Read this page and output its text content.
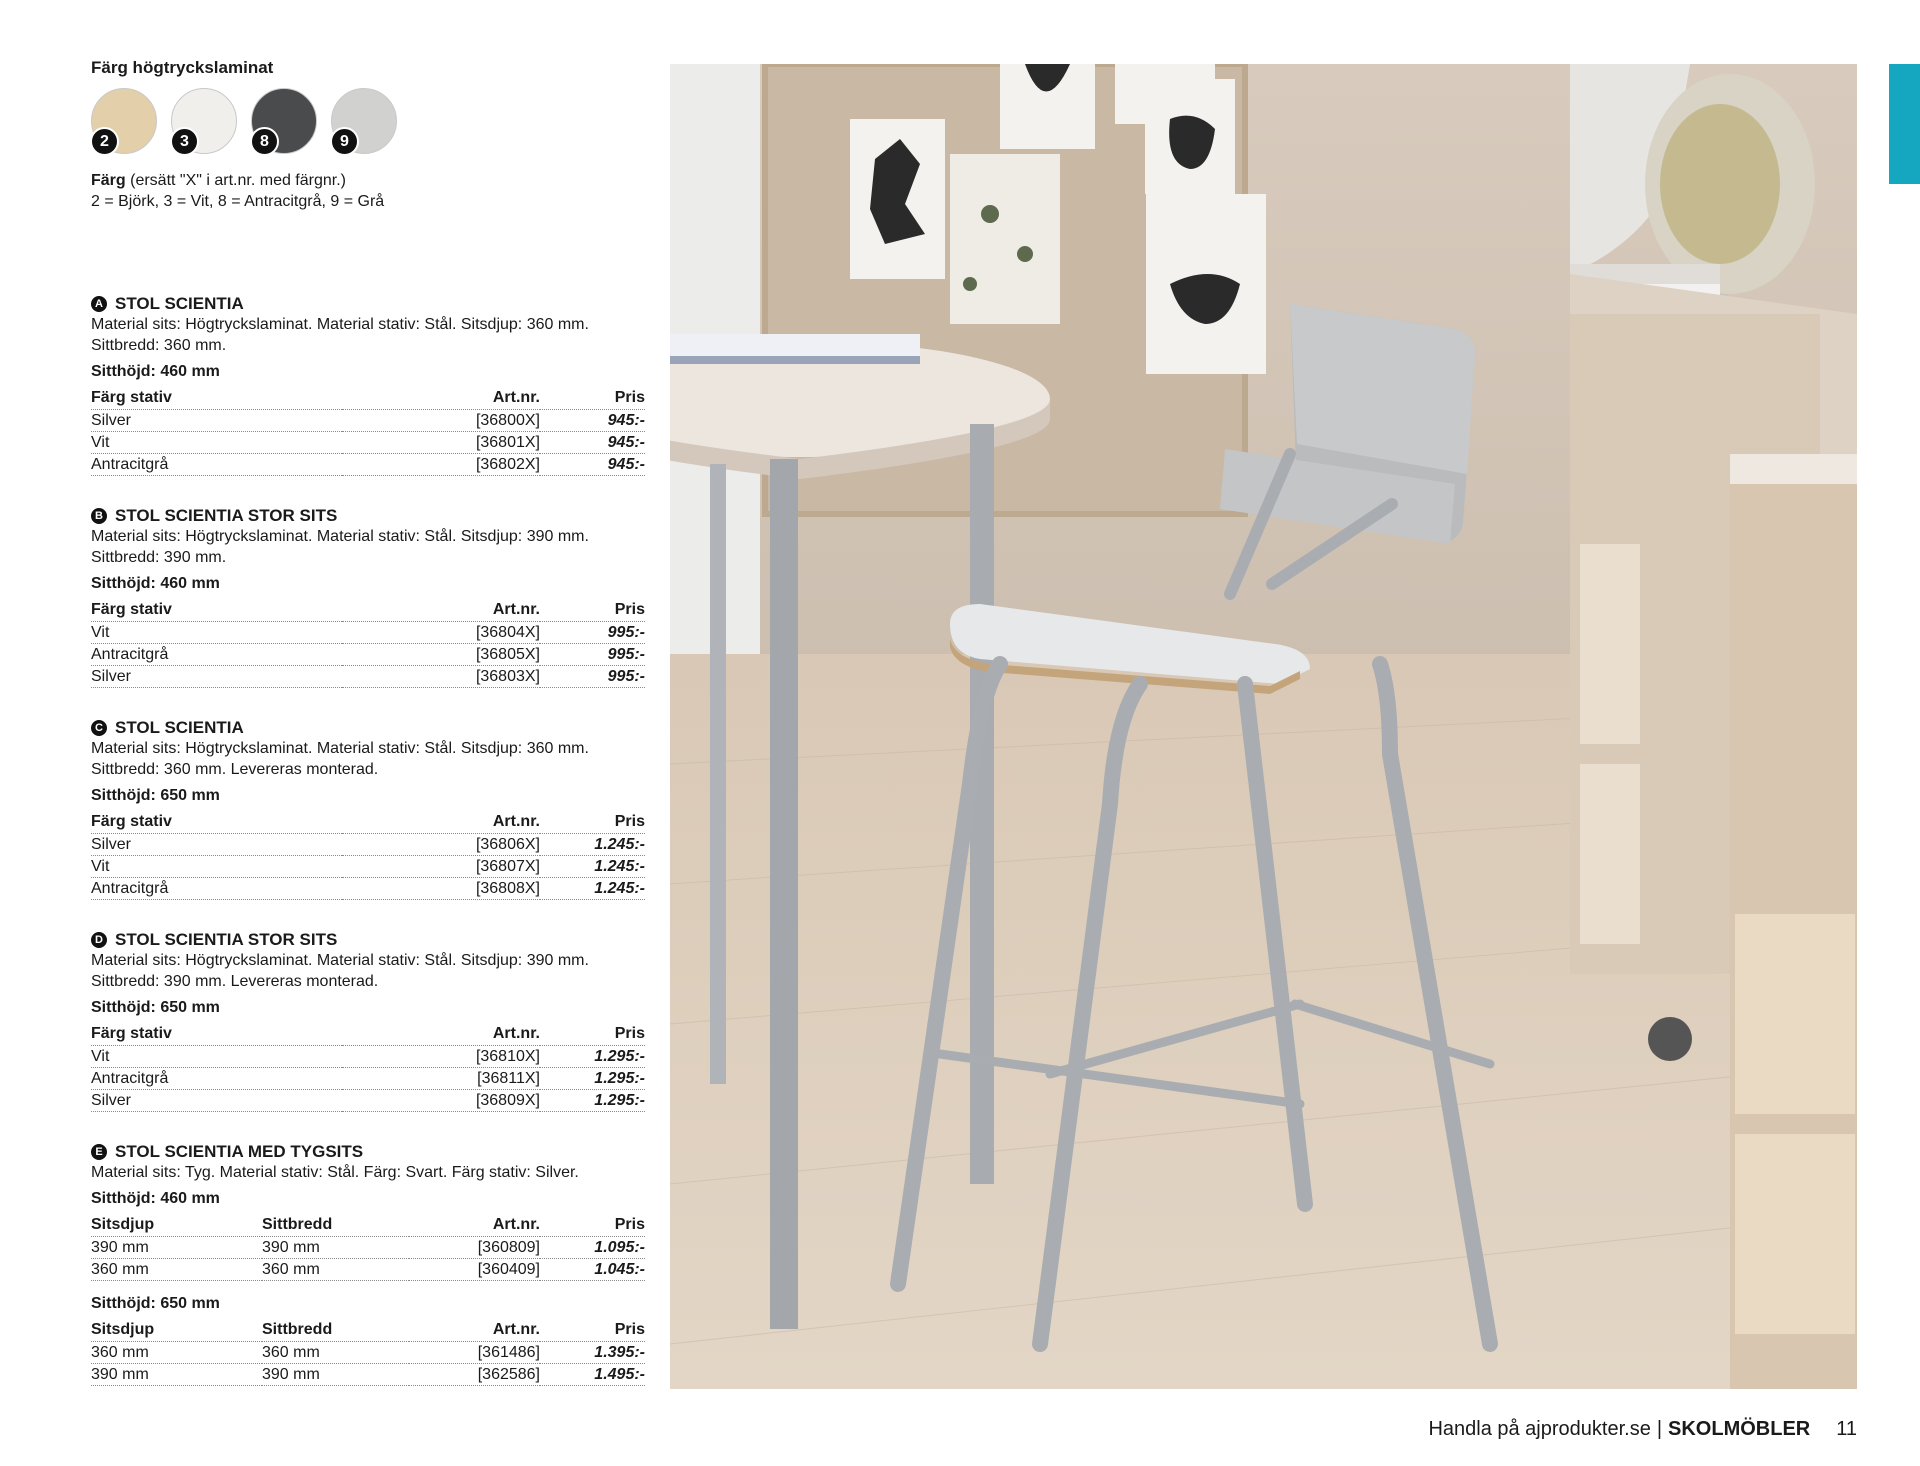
Färg högtryckslaminat
2	3	8	9
Färg (ersätt "X" i art.nr. med färgnr.)
2 = Björk, 3 = Vit, 8 = Antracitgrå, 9 = Grå
A STOL SCIENTIA
Material sits: Högtryckslaminat. Material stativ: Stål. Sitsdjup: 360 mm.
Sittbredd: 360 mm.
Sitthöjd: 460 mm
Färg stativ	Art.nr.	Pris
Silver	[36800X]	945:-
Vit	[36801X]	945:-
Antracitgrå	[36802X]	945:-
B STOL SCIENTIA STOR SITS
Material sits: Högtryckslaminat. Material stativ: Stål. Sitsdjup: 390 mm.
Sittbredd: 390 mm.
Sitthöjd: 460 mm
Färg stativ	Art.nr.	Pris
Vit	[36804X]	995:-
Antracitgrå	[36805X]	995:-
Silver	[36803X]	995:-
C STOL SCIENTIA
Material sits: Högtryckslaminat. Material stativ: Stål. Sitsdjup: 360 mm.
Sittbredd: 360 mm. Levereras monterad.
Sitthöjd: 650 mm
Färg stativ	Art.nr.	Pris
Silver	[36806X]	1.245:-
Vit	[36807X]	1.245:-
Antracitgrå	[36808X]	1.245:-
D STOL SCIENTIA STOR SITS
Material sits: Högtryckslaminat. Material stativ: Stål. Sitsdjup: 390 mm.
Sittbredd: 390 mm. Levereras monterad.
Sitthöjd: 650 mm
Färg stativ	Art.nr.	Pris
Vit	[36810X]	1.295:-
Antracitgrå	[36811X]	1.295:-
Silver	[36809X]	1.295:-
E STOL SCIENTIA MED TYGSITS
Material sits: Tyg. Material stativ: Stål. Färg: Svart. Färg stativ: Silver.
Sitthöjd: 460 mm
Sitsdjup	Sittbredd	Art.nr.	Pris
390 mm	390 mm	[360809]	1.095:-
360 mm	360 mm	[360409]	1.045:-
Sitthöjd: 650 mm
Sitsdjup	Sittbredd	Art.nr.	Pris
360 mm	360 mm	[361486]	1.395:-
390 mm	390 mm	[362586]	1.495:-
Handla på ajprodukter.se | SKOLMÖBLER 11
